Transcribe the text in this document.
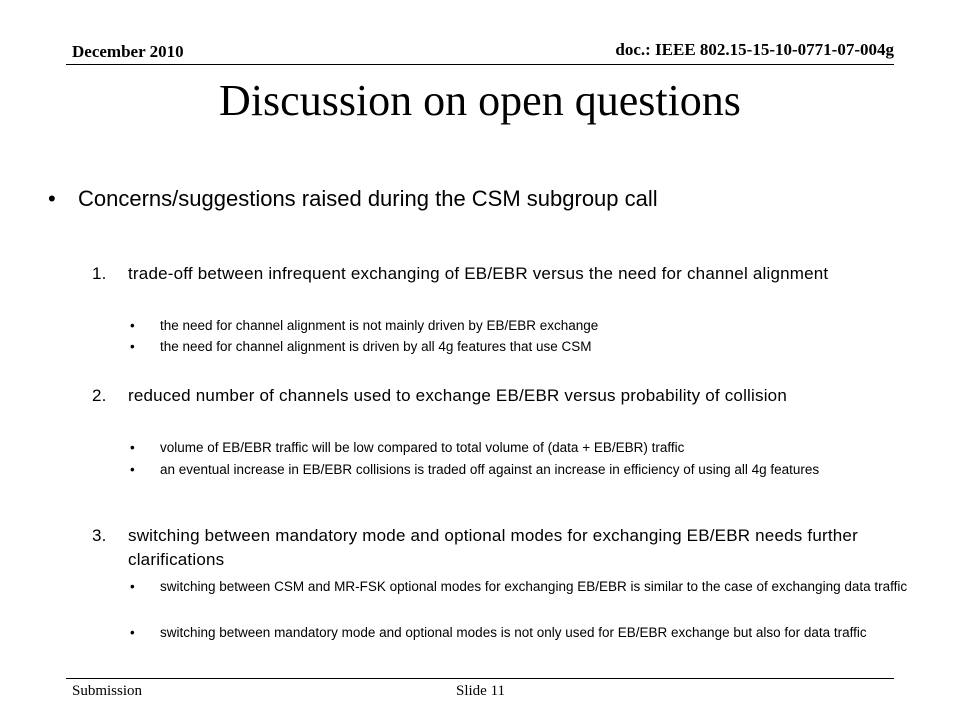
December 2010	doc.: IEEE 802.15-15-10-0771-07-004g
Discussion on open questions
• Concerns/suggestions raised during the CSM subgroup call
1. trade-off between infrequent exchanging of EB/EBR versus the need for channel alignment
• the need for channel alignment is not mainly driven by EB/EBR exchange
• the need for channel alignment is driven by all 4g features that use CSM
2. reduced number of channels used to exchange EB/EBR versus probability of collision
• volume of EB/EBR traffic will be low compared to total volume of (data + EB/EBR) traffic
• an eventual increase in EB/EBR collisions is traded off against an increase in efficiency of using all 4g features
3. switching between mandatory mode and optional modes for exchanging EB/EBR needs further clarifications
• switching between CSM and MR-FSK optional modes for exchanging EB/EBR is similar to the case of exchanging data traffic
• switching between mandatory mode and optional modes is not only used for EB/EBR exchange but also for data traffic
Submission	Slide 11
